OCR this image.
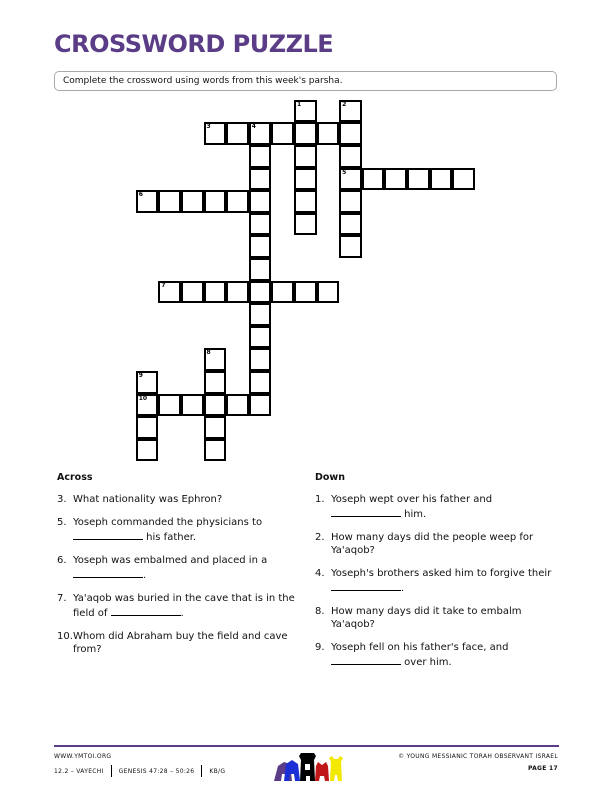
CROSSWORD PUZZLE
Complete the crossword using words from this week's parsha.
1	2
5
3	4
6
7
8
9
10
Across
3. What nationality was Ephron?
5. Yoseph commanded the physicians to  his father.
6. Yoseph was embalmed and placed in a .
7. Ya'aqob was buried in the cave that is in the field of	.
10. Whom did Abraham buy the field and cave from?
Down
1. Yoseph wept over his father and  him.
2. How many days did the people weep for Ya'aqob?
4. Yoseph's brothers asked him to forgive their .
8. How many days did it take to embalm Ya'aqob?
9. Yoseph fell on his father's face, and  over him.
WWW.YMTOI.ORG
12.2 – VAYECHI	GENESIS 47:28 – 50:26	KB/G
© YOUNG MESSIANIC TORAH OBSERVANT ISRAEL
PAGE 17
